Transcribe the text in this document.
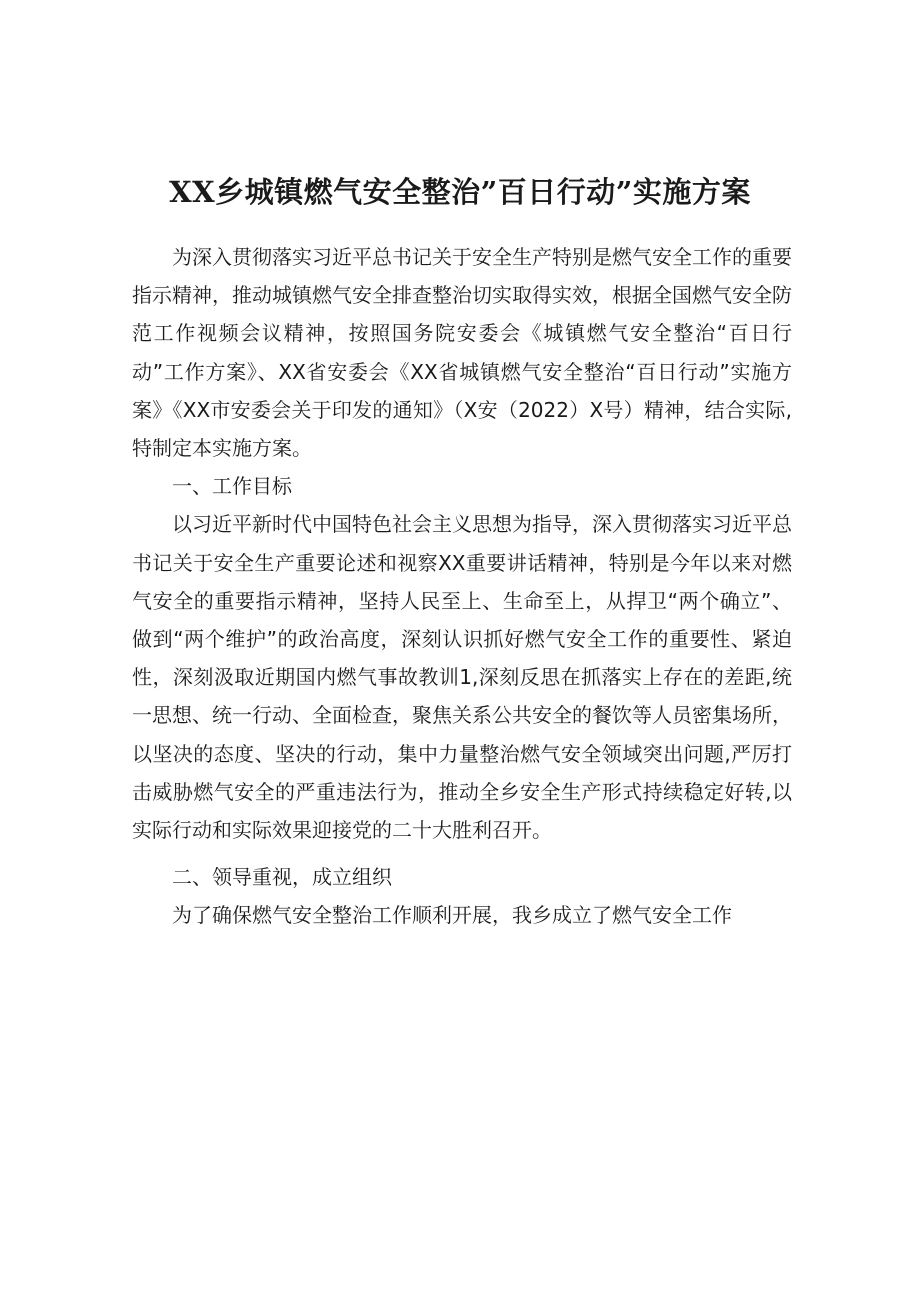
XX乡城镇燃气安全整治”百日行动”实施方案

为深入贯彻落实习近平总书记关于安全生产特别是燃气安全工作的重要指示精神，推动城镇燃气安全排查整治切实取得实效，根据全国燃气安全防范工作视频会议精神，按照国务院安委会《城镇燃气安全整治“百日行动”工作方案》、XX省安委会《XX省城镇燃气安全整治“百日行动”实施方案》《XX市安委会关于印发的通知》（X安（2022）X号）精神，结合实际,特制定本实施方案。

一、工作目标

以习近平新时代中国特色社会主义思想为指导，深入贯彻落实习近平总书记关于安全生产重要论述和视察XX重要讲话精神，特别是今年以来对燃气安全的重要指示精神，坚持人民至上、生命至上，从捍卫“两个确立”、做到“两个维护”的政治高度，深刻认识抓好燃气安全工作的重要性、紧迫性，深刻汲取近期国内燃气事故教训1,深刻反思在抓落实上存在的差距,统一思想、统一行动、全面检查，聚焦关系公共安全的餐饮等人员密集场所，以坚决的态度、坚决的行动，集中力量整治燃气安全领域突出问题,严厉打击威胁燃气安全的严重违法行为，推动全乡安全生产形式持续稳定好转,以实际行动和实际效果迎接党的二十大胜利召开。

二、领导重视，成立组织

为了确保燃气安全整治工作顺利开展，我乡成立了燃气安全工作
